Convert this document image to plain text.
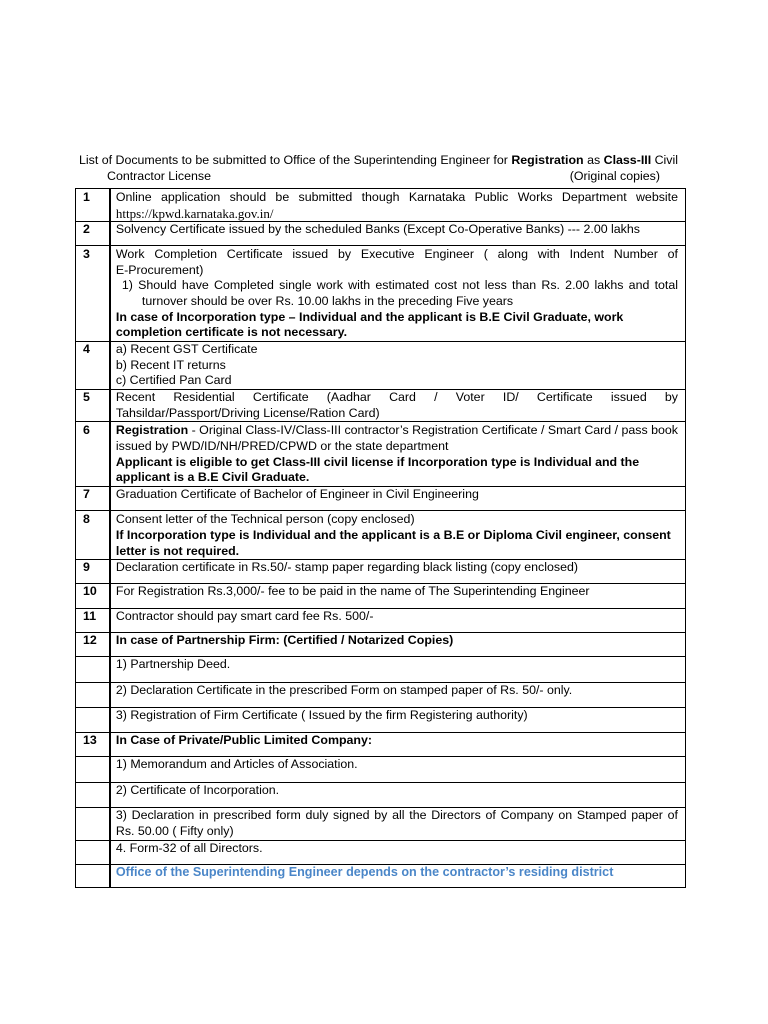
List of Documents to be submitted to Office of the Superintending Engineer for Registration as Class-III Civil
Contractor License	(Original copies)
1	Online application should be submitted though Karnataka Public Works Department website
https://kpwd.karnataka.gov.in/

2	Solvency Certificate issued by the scheduled Banks (Except Co-Operative Banks) --- 2.00 lakhs
3	Work Completion Certificate issued by Executive Engineer ( along with Indent Number of
E-Procurement)
1) Should have Completed single work with estimated cost not less than Rs. 2.00 lakhs and total
turnover should be over Rs. 10.00 lakhs in the preceding Five years
In case of Incorporation type – Individual and the applicant is B.E Civil Graduate, work completion certificate is not necessary.

4	a) Recent GST Certificate
b) Recent IT returns
c) Certified Pan Card

5	Recent Residential Certificate (Aadhar Card / Voter ID/ Certificate issued by
Tahsildar/Passport/Driving License/Ration Card)

6	Registration - Original Class-IV/Class-III contractor’s Registration Certificate / Smart Card / pass book
issued by PWD/ID/NH/PRED/CPWD or the state department
Applicant is eligible to get Class-III civil license if Incorporation type is Individual and the applicant is a B.E Civil Graduate.

7	Graduation Certificate of Bachelor of Engineer in Civil Engineering
8	Consent letter of the Technical person (copy enclosed)
If Incorporation type is Individual and the applicant is a B.E or Diploma Civil engineer, consent letter is not required.

9	Declaration certificate in Rs.50/- stamp paper regarding black listing (copy enclosed)
10	For Registration Rs.3,000/- fee to be paid in the name of The Superintending Engineer
11	Contractor should pay smart card fee Rs. 500/-
12	In case of Partnership Firm: (Certified / Notarized Copies)
	1) Partnership Deed.
	2) Declaration Certificate in the prescribed Form on stamped paper of Rs. 50/- only.
	3) Registration of Firm Certificate ( Issued by the firm Registering authority)
13	In Case of Private/Public Limited Company:
	1) Memorandum and Articles of Association.
	2) Certificate of Incorporation.

	3) Declaration in prescribed form duly signed by all the Directors of Company on Stamped paper of
Rs. 50.00 ( Fifty only)

	4. Form-32 of all Directors.
	Office of the Superintending Engineer depends on the contractor’s residing district
